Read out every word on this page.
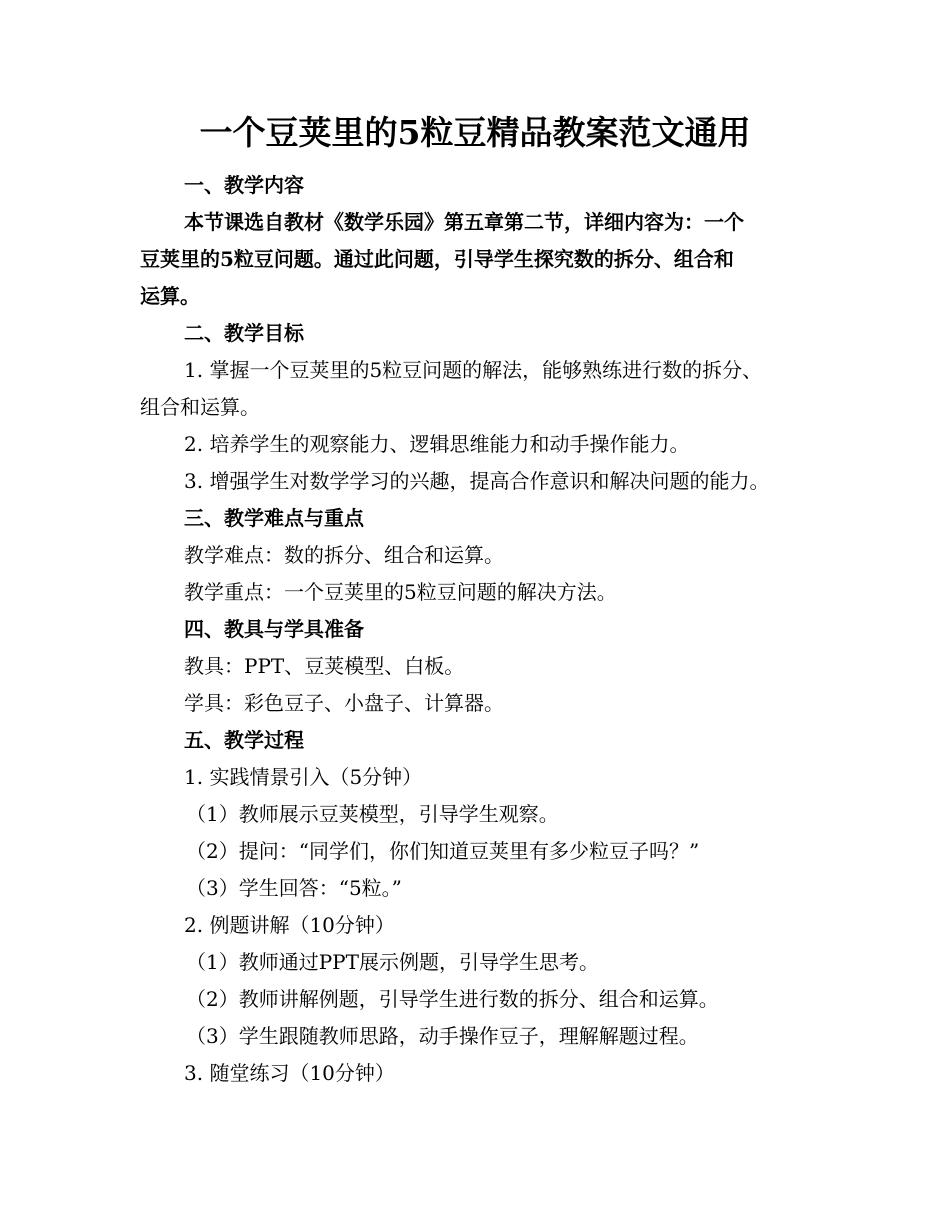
一个豆荚里的5粒豆精品教案范文通用
一、教学内容
本节课选自教材《数学乐园》第五章第二节，详细内容为：一个
豆荚里的5粒豆问题。通过此问题，引导学生探究数的拆分、组合和
运算。
二、教学目标
1. 掌握一个豆荚里的5粒豆问题的解法，能够熟练进行数的拆分、
组合和运算。
2. 培养学生的观察能力、逻辑思维能力和动手操作能力。
3. 增强学生对数学学习的兴趣，提高合作意识和解决问题的能力。
三、教学难点与重点
教学难点：数的拆分、组合和运算。
教学重点：一个豆荚里的5粒豆问题的解决方法。
四、教具与学具准备
教具：PPT、豆荚模型、白板。
学具：彩色豆子、小盘子、计算器。
五、教学过程
1. 实践情景引入（5分钟）
（1）教师展示豆荚模型，引导学生观察。
（2）提问：“同学们，你们知道豆荚里有多少粒豆子吗？”
（3）学生回答：“5粒。”
2. 例题讲解（10分钟）
（1）教师通过PPT展示例题，引导学生思考。
（2）教师讲解例题，引导学生进行数的拆分、组合和运算。
（3）学生跟随教师思路，动手操作豆子，理解解题过程。
3. 随堂练习（10分钟）
